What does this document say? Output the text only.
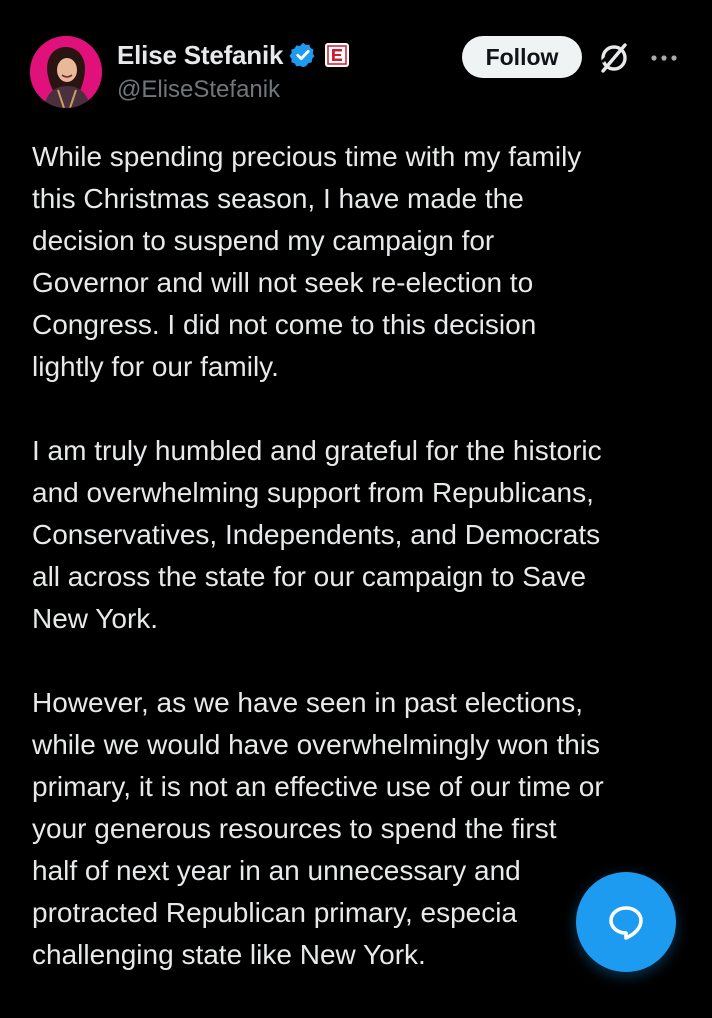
Elise Stefanik
@EliseStefanik
Follow

While spending precious time with my family
this Christmas season, I have made the
decision to suspend my campaign for
Governor and will not seek re-election to
Congress. I did not come to this decision
lightly for our family.

I am truly humbled and grateful for the historic
and overwhelming support from Republicans,
Conservatives, Independents, and Democrats
all across the state for our campaign to Save
New York.

However, as we have seen in past elections,
while we would have overwhelmingly won this
primary, it is not an effective use of our time or
your generous resources to spend the first
half of next year in an unnecessary and
protracted Republican primary, especia
challenging state like New York.
